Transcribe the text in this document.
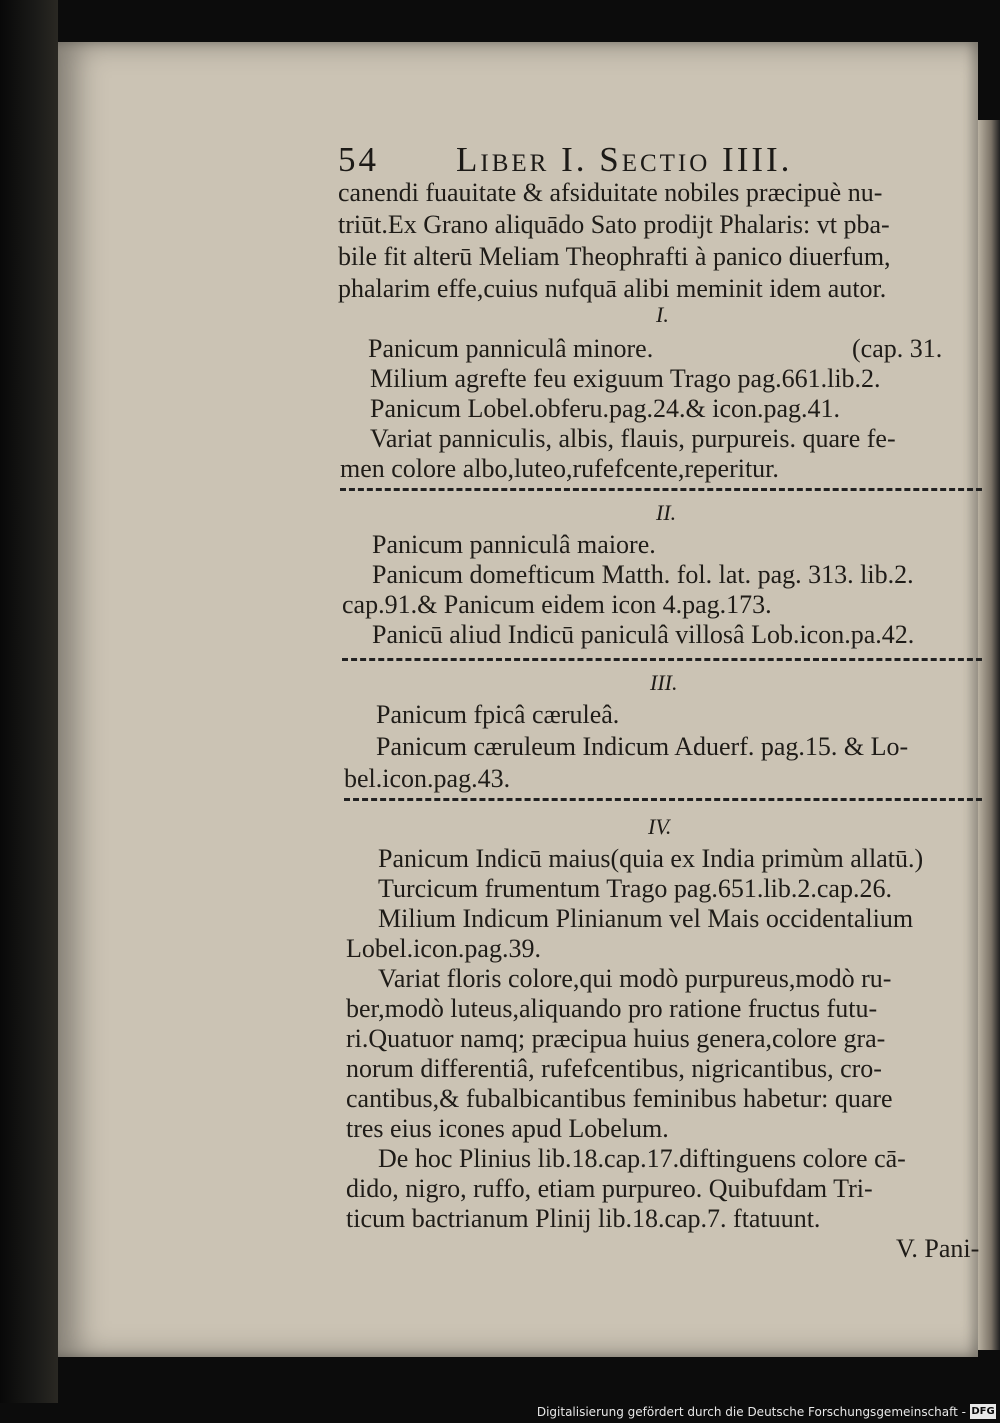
54 Liber I. Sectio IIII.
canendi fuauitate & afsiduitate nobiles præcipuè nu-
triūt.Ex Grano aliquādo Sato prodijt Phalaris: vt pba-
bile fit alterū Meliam Theophrafti à panico diuerfum,
phalarim effe,cuius nufquā alibi meminit idem autor.
I.
Panicum panniculâ minore.	(cap. 31.
Milium agrefte feu exiguum Trago pag.661.lib.2.
Panicum Lobel.obferu.pag.24.& icon.pag.41.
Variat panniculis, albis, flauis, purpureis. quare fe-
men colore albo,luteo,rufefcente,reperitur.
II.
Panicum panniculâ maiore.
Panicum domefticum Matth. fol. lat. pag. 313. lib.2.
cap.91.& Panicum eidem icon 4.pag.173.
Panicū aliud Indicū paniculâ villosâ Lob.icon.pa.42.
III.
Panicum fpicâ cæruleâ.
Panicum cæruleum Indicum Aduerf. pag.15. & Lo-
bel.icon.pag.43.
IV.
Panicum Indicū maius(quia ex India primùm allatū.)
Turcicum frumentum Trago pag.651.lib.2.cap.26.
Milium Indicum Plinianum vel Mais occidentalium
Lobel.icon.pag.39.
Variat floris colore,qui modò purpureus,modò ru-
ber,modò luteus,aliquando pro ratione fructus futu-
ri.Quatuor namq; præcipua huius genera,colore gra-
norum differentiâ, rufefcentibus, nigricantibus, cro-
cantibus,& fubalbicantibus feminibus habetur: quare
tres eius icones apud Lobelum.
De hoc Plinius lib.18.cap.17.diftinguens colore cā-
dido, nigro, ruffo, etiam purpureo. Quibufdam Tri-
ticum bactrianum Plinij lib.18.cap.7. ftatuunt.
V. Pani-
Digitalisierung gefördert durch die Deutsche Forschungsgemeinschaft - DFG
